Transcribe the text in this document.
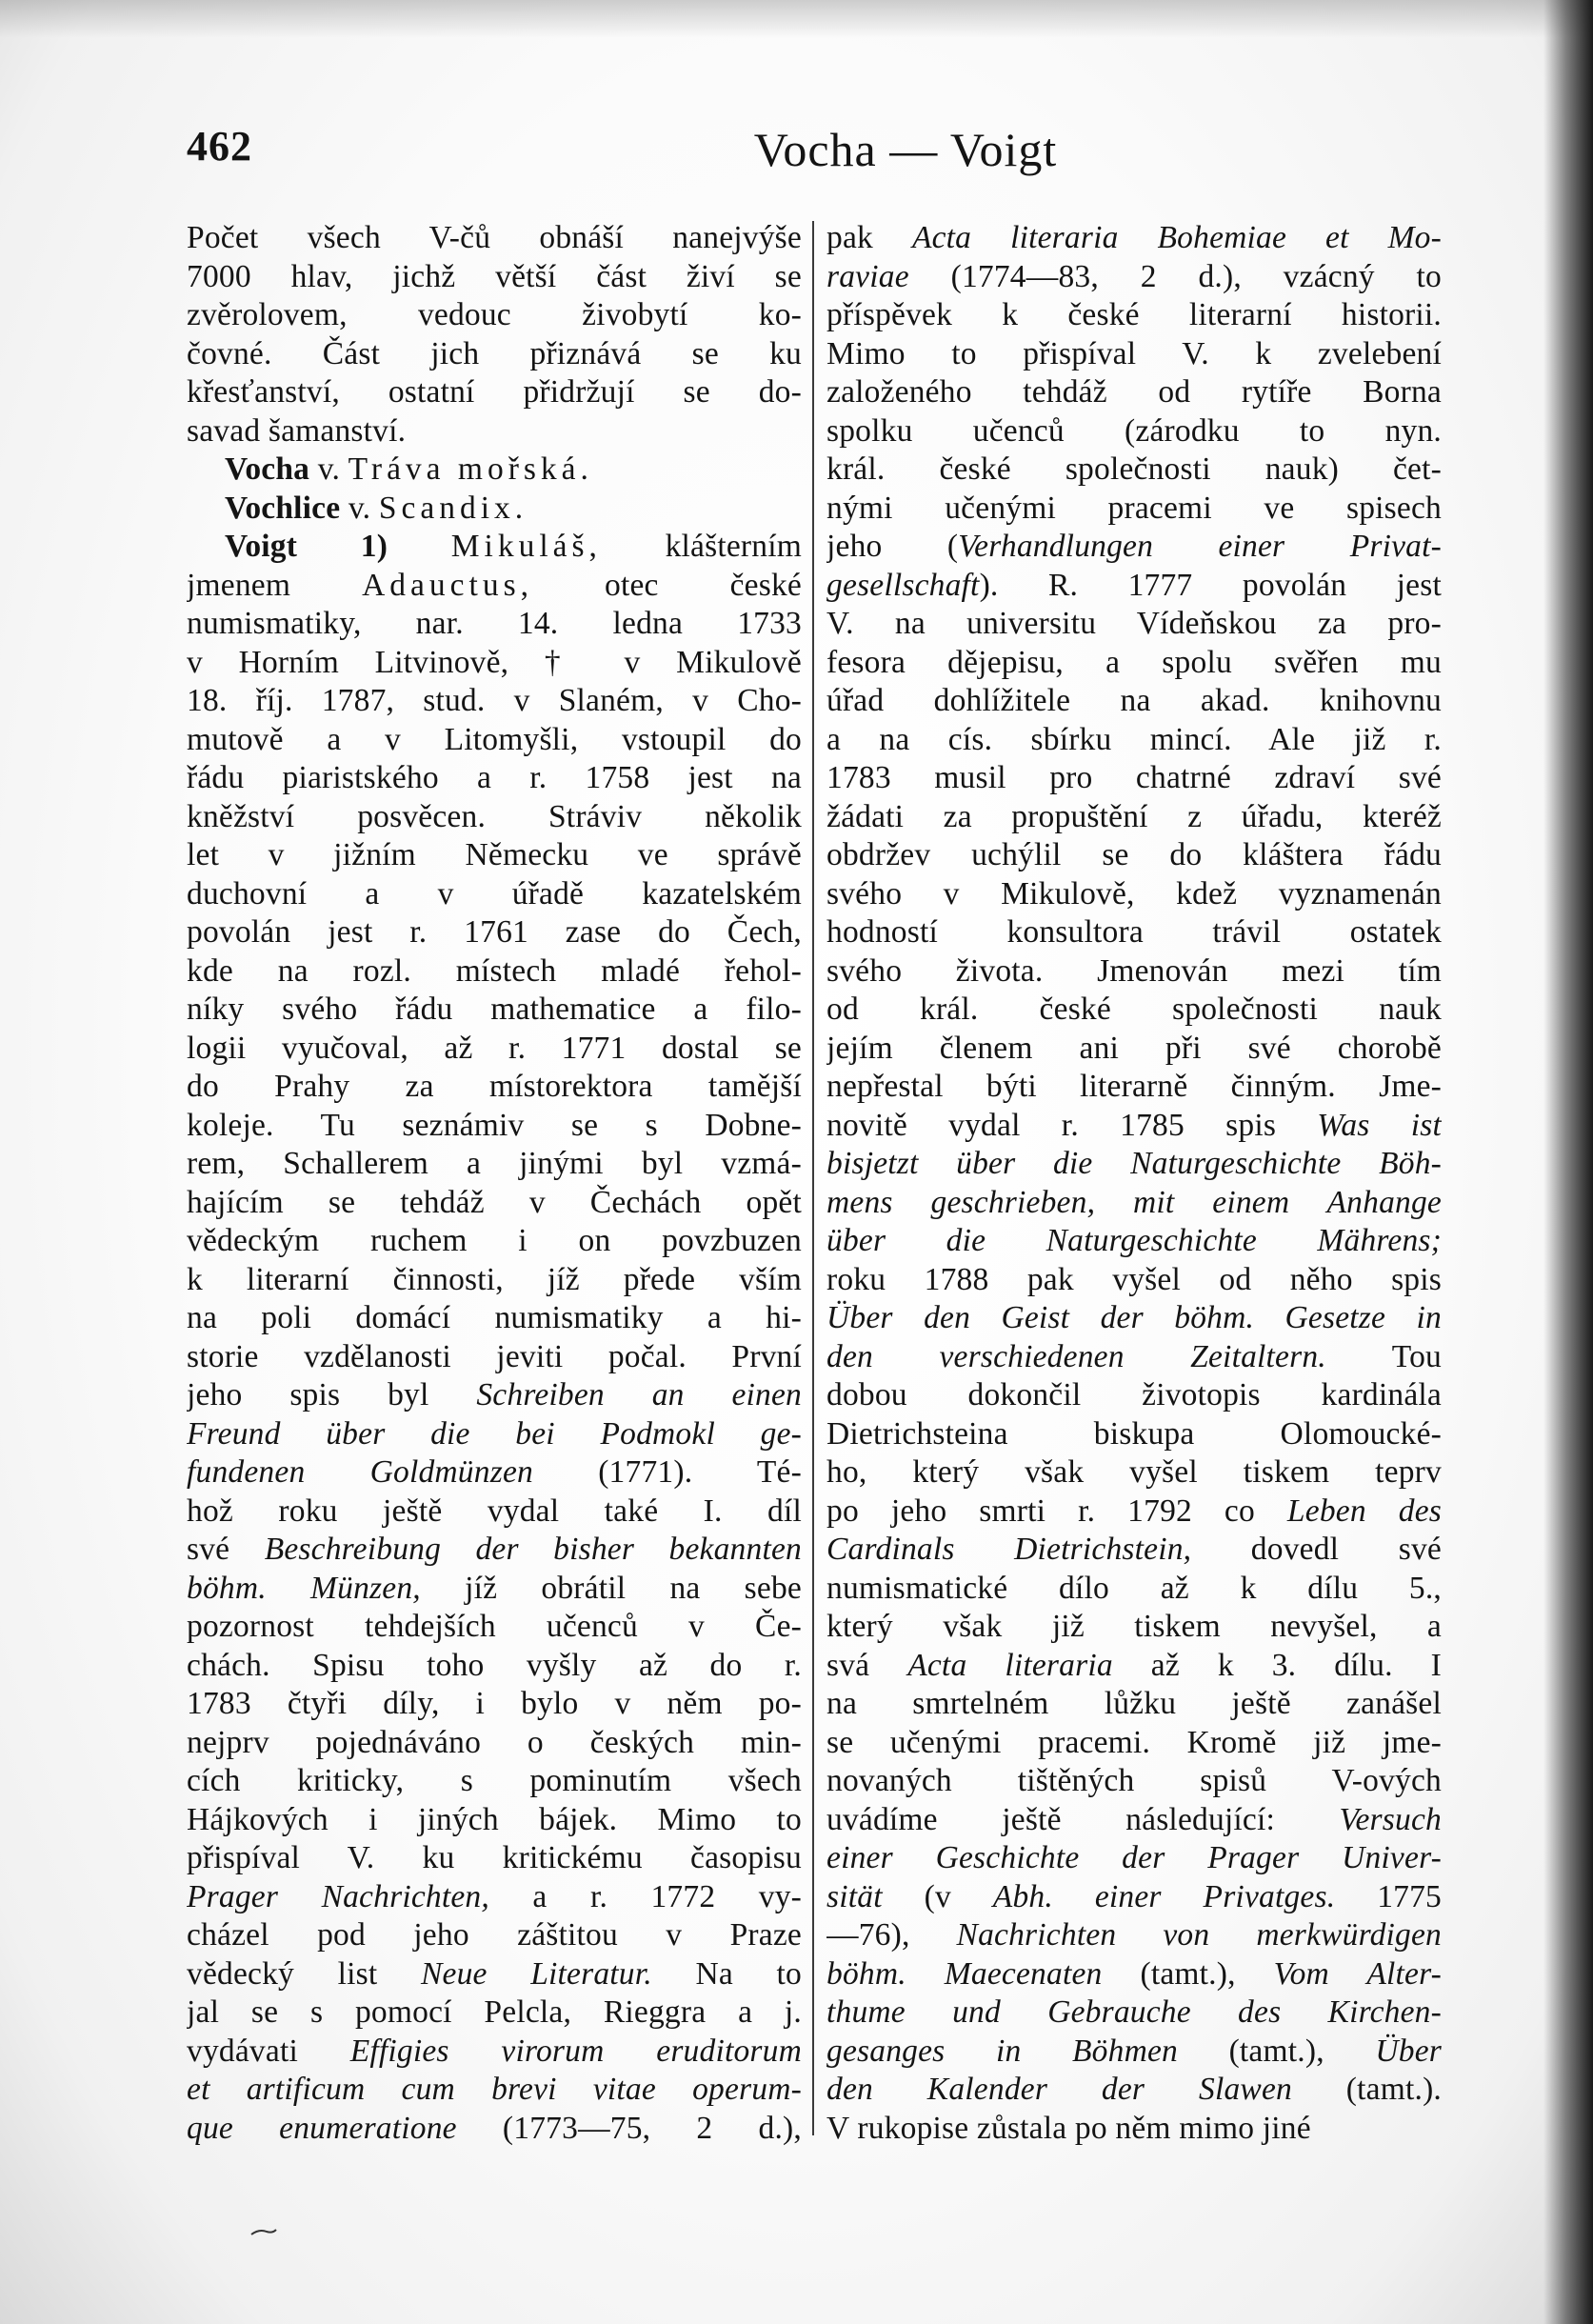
462	Vocha — Voigt
Počet všech V-čů obnáší nanejvýše
7000 hlav, jichž větší část živí se
zvěrolovem, vedouc živobytí ko-
čovné. Část jich přiznává se ku
křesťanství, ostatní přidržují se do-
savad šamanství.
Vocha v. Tráva mořská.
Vochlice v. Scandix.
Voigt 1) Mikuláš, klášterním
jmenem Adauctus, otec české
numismatiky, nar. 14. ledna 1733
v Horním Litvinově, † v Mikulově
18. říj. 1787, stud. v Slaném, v Cho-
mutově a v Litomyšli, vstoupil do
řádu piaristského a r. 1758 jest na
kněžství posvěcen. Stráviv několik
let v jižním Německu ve správě
duchovní a v úřadě kazatelském
povolán jest r. 1761 zase do Čech,
kde na rozl. místech mladé řehol-
níky svého řádu mathematice a filo-
logii vyučoval, až r. 1771 dostal se
do Prahy za místorektora tamější
koleje. Tu seznámiv se s Dobne-
rem, Schallerem a jinými byl vzmá-
hajícím se tehdáž v Čechách opět
vědeckým ruchem i on povzbuzen
k literarní činnosti, jíž přede vším
na poli domácí numismatiky a hi-
storie vzdělanosti jeviti počal. První
jeho spis byl Schreiben an einen
Freund über die bei Podmokl ge-
fundenen Goldmünzen (1771). Té-
hož roku ještě vydal také I. díl
své Beschreibung der bisher bekannten
böhm. Münzen, jíž obrátil na sebe
pozornost tehdejších učenců v Če-
chách. Spisu toho vyšly až do r.
1783 čtyři díly, i bylo v něm po-
nejprv pojednáváno o českých min-
cích kriticky, s pominutím všech
Hájkových i jiných bájek. Mimo to
přispíval V. ku kritickému časopisu
Prager Nachrichten, a r. 1772 vy-
cházel pod jeho záštitou v Praze
vědecký list Neue Literatur. Na to
jal se s pomocí Pelcla, Rieggra a j.
vydávati Effigies virorum eruditorum
et artificum cum brevi vitae operum-
que enumeratione (1773—75, 2 d.),
pak Acta literaria Bohemiae et Mo-
raviae (1774—83, 2 d.), vzácný to
příspěvek k české literarní historii.
Mimo to přispíval V. k zvelebení
založeného tehdáž od rytíře Borna
spolku učenců (zárodku to nyn.
král. české společnosti nauk) čet-
nými učenými pracemi ve spisech
jeho (Verhandlungen einer Privat-
gesellschaft). R. 1777 povolán jest
V. na universitu Vídeňskou za pro-
fesora dějepisu, a spolu svěřen mu
úřad dohlížitele na akad. knihovnu
a na cís. sbírku mincí. Ale již r.
1783 musil pro chatrné zdraví své
žádati za propuštění z úřadu, kteréž
obdržev uchýlil se do kláštera řádu
svého v Mikulově, kdež vyznamenán
hodností konsultora trávil ostatek
svého života. Jmenován mezi tím
od král. české společnosti nauk
jejím členem ani při své chorobě
nepřestal býti literarně činným. Jme-
novitě vydal r. 1785 spis Was ist
bisjetzt über die Naturgeschichte Böh-
mens geschrieben, mit einem Anhange
über die Naturgeschichte Mährens;
roku 1788 pak vyšel od něho spis
Über den Geist der böhm. Gesetze in
den verschiedenen Zeitaltern. Tou
dobou dokončil životopis kardinála
Dietrichsteina biskupa Olomoucké-
ho, který však vyšel tiskem teprv
po jeho smrti r. 1792 co Leben des
Cardinals Dietrichstein, dovedl své
numismatické dílo až k dílu 5.,
který však již tiskem nevyšel, a
svá Acta literaria až k 3. dílu. I
na smrtelném lůžku ještě zanášel
se učenými pracemi. Kromě již jme-
novaných tištěných spisů V-ových
uvádíme ještě následující: Versuch
einer Geschichte der Prager Univer-
sität (v Abh. einer Privatges. 1775
—76), Nachrichten von merkwürdigen
böhm. Maecenaten (tamt.), Vom Alter-
thume und Gebrauche des Kirchen-
gesanges in Böhmen (tamt.), Über
den Kalender der Slawen (tamt.).
V rukopise zůstala po něm mimo jiné
